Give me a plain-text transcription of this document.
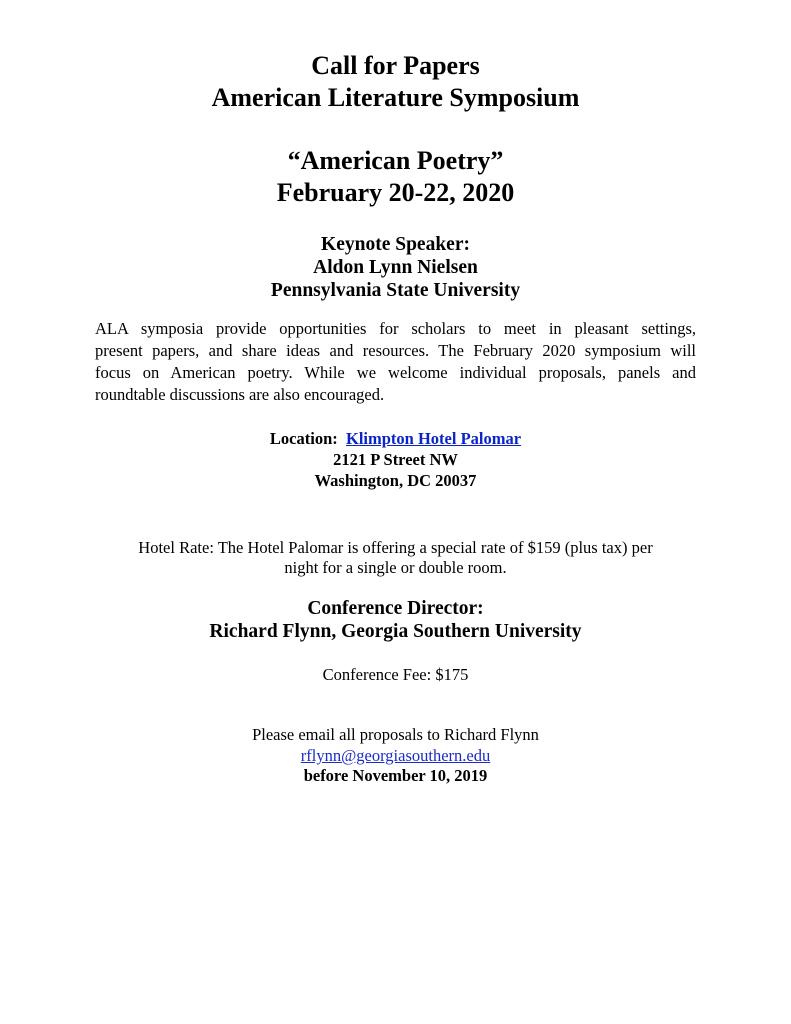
Call for Papers
American Literature Symposium
“American Poetry”
February 20-22, 2020
Keynote Speaker:
Aldon Lynn Nielsen
Pennsylvania State University
ALA symposia provide opportunities for scholars to meet in pleasant settings,
present papers, and share ideas and resources. The February 2020 symposium will
focus on American poetry. While we welcome individual proposals, panels and
roundtable discussions are also encouraged.
Location: Klimpton Hotel Palomar
2121 P Street NW
Washington, DC 20037
Hotel Rate: The Hotel Palomar is offering a special rate of $159 (plus tax) per
night for a single or double room.
Conference Director:
Richard Flynn, Georgia Southern University
Conference Fee: $175
Please email all proposals to Richard Flynn
rflynn@georgiasouthern.edu
before November 10, 2019
